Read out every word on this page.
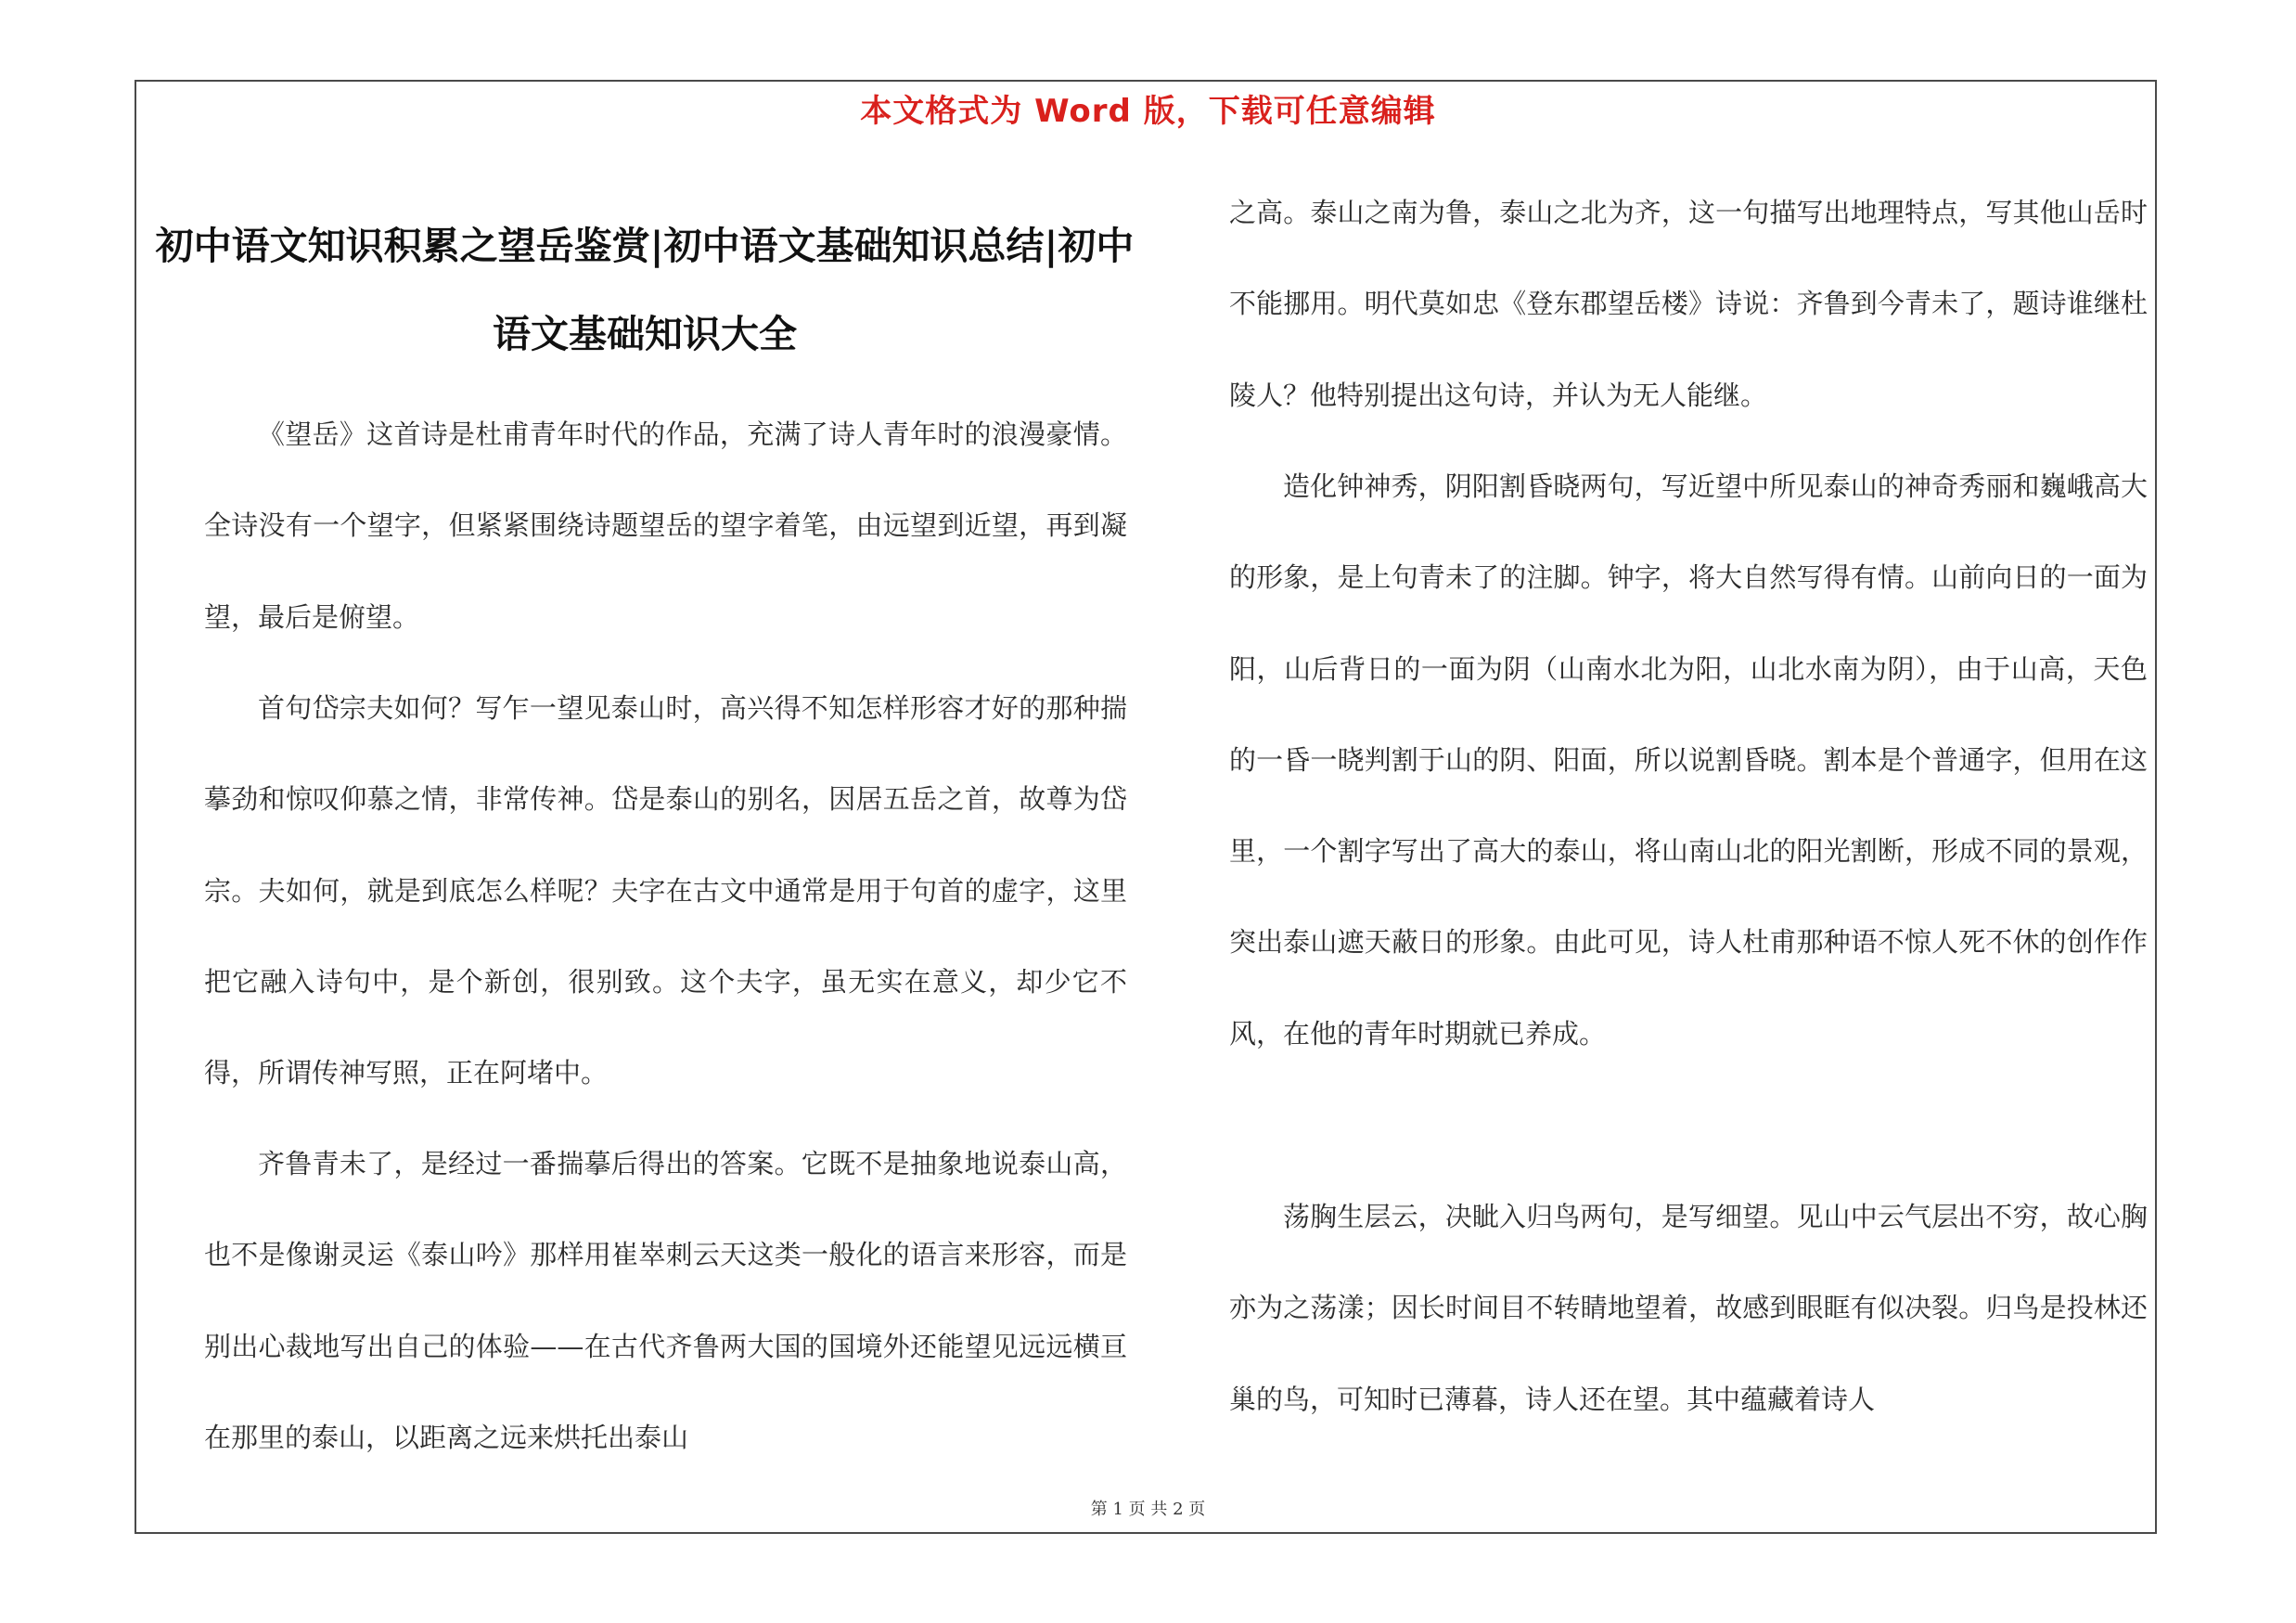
本文格式为 Word 版，下载可任意编辑
初中语文知识积累之望岳鉴赏|初中语文基础知识总结|初中语文基础知识大全

《望岳》这首诗是杜甫青年时代的作品，充满了诗人青年时的浪漫豪情。全诗没有一个望字，但紧紧围绕诗题望岳的望字着笔，由远望到近望，再到凝望，最后是俯望。

首句岱宗夫如何？写乍一望见泰山时，高兴得不知怎样形容才好的那种揣摹劲和惊叹仰慕之情，非常传神。岱是泰山的别名，因居五岳之首，故尊为岱宗。夫如何，就是到底怎么样呢？夫字在古文中通常是用于句首的虚字，这里把它融入诗句中，是个新创，很别致。这个夫字，虽无实在意义，却少它不得，所谓传神写照，正在阿堵中。

齐鲁青未了，是经过一番揣摹后得出的答案。它既不是抽象地说泰山高，也不是像谢灵运《泰山吟》那样用崔崒刺云天这类一般化的语言来形容，而是别出心裁地写出自己的体验——在古代齐鲁两大国的国境外还能望见远远横亘在那里的泰山，以距离之远来烘托出泰山

之高。泰山之南为鲁，泰山之北为齐，这一句描写出地理特点，写其他山岳时不能挪用。明代莫如忠《登东郡望岳楼》诗说：齐鲁到今青未了，题诗谁继杜陵人？他特别提出这句诗，并认为无人能继。

造化钟神秀，阴阳割昏晓两句，写近望中所见泰山的神奇秀丽和巍峨高大的形象，是上句青未了的注脚。钟字，将大自然写得有情。山前向日的一面为阳，山后背日的一面为阴（山南水北为阳，山北水南为阴），由于山高，天色的一昏一晓判割于山的阴、阳面，所以说割昏晓。割本是个普通字，但用在这里，一个割字写出了高大的泰山，将山南山北的阳光割断，形成不同的景观，突出泰山遮天蔽日的形象。由此可见，诗人杜甫那种语不惊人死不休的创作作风，在他的青年时期就已养成。

荡胸生层云，决眦入归鸟两句，是写细望。见山中云气层出不穷，故心胸亦为之荡漾；因长时间目不转睛地望着，故感到眼眶有似决裂。归鸟是投林还巢的鸟，可知时已薄暮，诗人还在望。其中蕴藏着诗人

第 1 页 共 2 页
